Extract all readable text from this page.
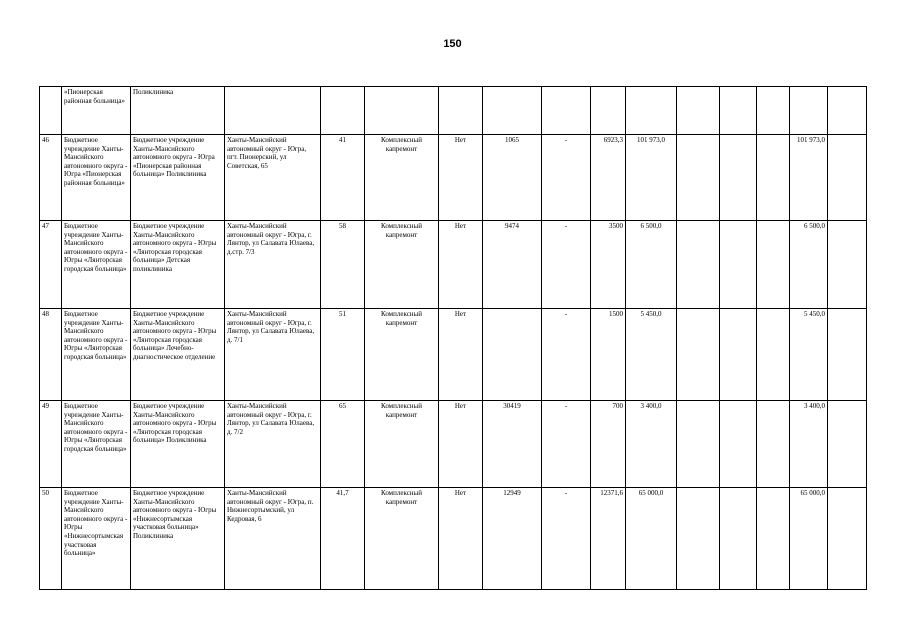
150
	«Пионерская районная больница»	Поликлиника													
46	Бюджетное учреждение Ханты-Мансийского автономного округа - Югра «Пионерская районная больница»	Бюджетное учреждение Ханты-Мансийского автономного округа - Югра «Пионерская районная больница» Поликлиника	Ханты-Мансийский автономный округ - Югра, пгт. Пионерский, ул Советская, 65	41	Комплексный капремонт	Нет	1065	-	6923,3	101 973,0				101 973,0	
47	Бюджетное учреждение Ханты-Мансийского автономного округа - Югры «Лянторская городская больница»	Бюджетное учреждение Ханты-Мансийского автономного округа - Югры «Лянторская городская больница» Детская поликлиника	Ханты-Мансийский автономный округ - Югра, г. Лянтор, ул Салавата Юлаева, д.стр. 7/3	58	Комплексный капремонт	Нет	9474	-	3500	6 500,0				6 500,0	
48	Бюджетное учреждение Ханты-Мансийского автономного округа - Югры «Лянторская городская больница»	Бюджетное учреждение Ханты-Мансийского автономного округа - Югры «Лянторская городская больница» Лечебно-диагностическое отделение	Ханты-Мансийский автономный округ - Югра, г. Лянтор, ул Салавата Юлаева, д. 7/1	51	Комплексный капремонт	Нет		-	1500	5 450,0				5 450,0	
49	Бюджетное учреждение Ханты-Мансийского автономного округа - Югры «Лянторская городская больница»	Бюджетное учреждение Ханты-Мансийского автономного округа - Югры «Лянторская городская больница» Поликлиника	Ханты-Мансийский автономный округ - Югра, г. Лянтор, ул Салавата Юлаева, д. 7/2	65	Комплексный капремонт	Нет	30419	-	700	3 400,0				3 400,0	
50	Бюджетное учреждение Ханты-Мансийского автономного округа - Югры «Нижнесортымская участковая больница»	Бюджетное учреждение Ханты-Мансийского автономного округа - Югры «Нижнесортымская участковая больница» Поликлиника	Ханты-Мансийский автономный округ - Югра, п. Нижнесортымский, ул Кедровая, 6	41,7	Комплексный капремонт	Нет	12949	-	12371,6	65 000,0				65 000,0	
